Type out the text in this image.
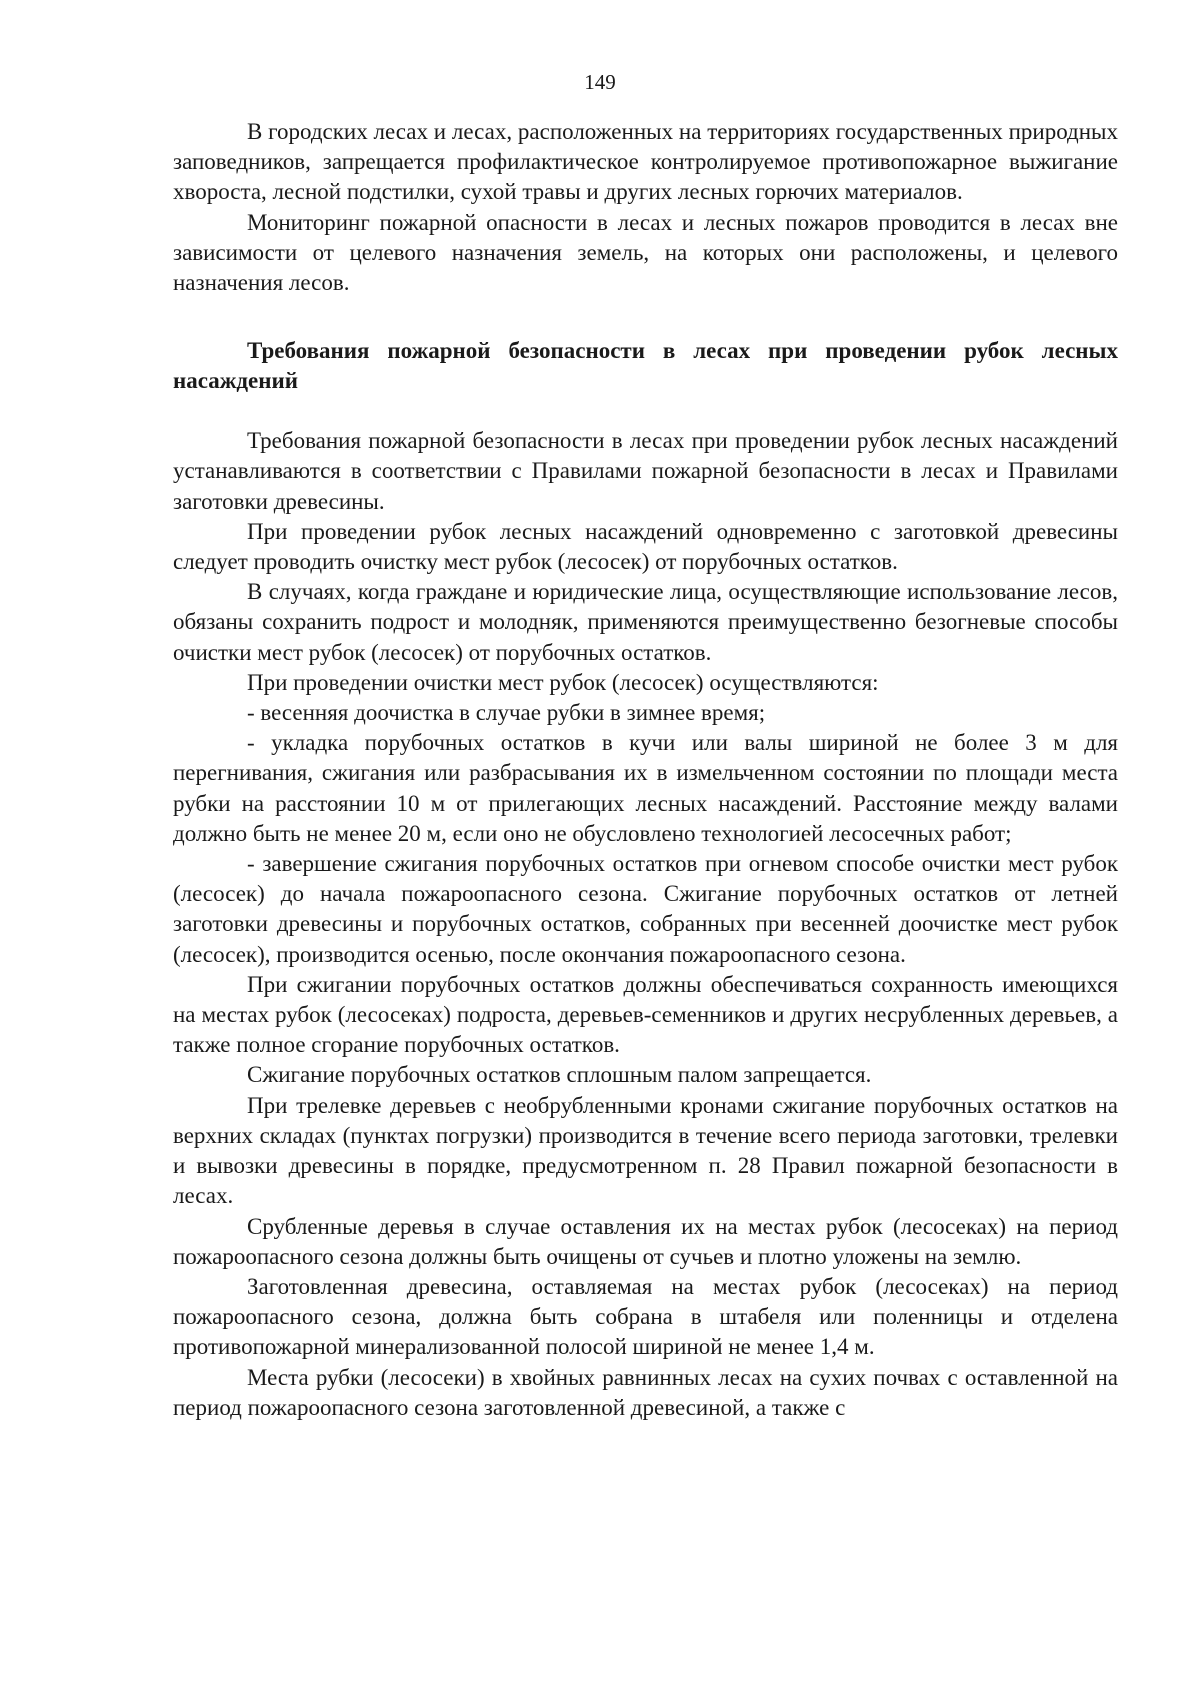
149

В городских лесах и лесах, расположенных на территориях государственных природных заповедников, запрещается профилактическое контролируемое противопожарное выжигание хвороста, лесной подстилки, сухой травы и других лесных горючих материалов.

Мониторинг пожарной опасности в лесах и лесных пожаров проводится в лесах вне зависимости от целевого назначения земель, на которых они расположены, и целевого назначения лесов.

Требования пожарной безопасности в лесах при проведении рубок лесных насаждений

Требования пожарной безопасности в лесах при проведении рубок лесных насаждений устанавливаются в соответствии с Правилами пожарной безопасности в лесах и Правилами заготовки древесины.

При проведении рубок лесных насаждений одновременно с заготовкой древесины следует проводить очистку мест рубок (лесосек) от порубочных остатков.

В случаях, когда граждане и юридические лица, осуществляющие использование лесов, обязаны сохранить подрост и молодняк, применяются преимущественно безогневые способы очистки мест рубок (лесосек) от порубочных остатков.

При проведении очистки мест рубок (лесосек) осуществляются:

- весенняя доочистка в случае рубки в зимнее время;

- укладка порубочных остатков в кучи или валы шириной не более 3 м для перегнивания, сжигания или разбрасывания их в измельченном состоянии по площади места рубки на расстоянии 10 м от прилегающих лесных насаждений. Расстояние между валами должно быть не менее 20 м, если оно не обусловлено технологией лесосечных работ;

- завершение сжигания порубочных остатков при огневом способе очистки мест рубок (лесосек) до начала пожароопасного сезона. Сжигание порубочных остатков от летней заготовки древесины и порубочных остатков, собранных при весенней доочистке мест рубок (лесосек), производится осенью, после окончания пожароопасного сезона.

При сжигании порубочных остатков должны обеспечиваться сохранность имеющихся на местах рубок (лесосеках) подроста, деревьев-семенников и других несрубленных деревьев, а также полное сгорание порубочных остатков.

Сжигание порубочных остатков сплошным палом запрещается.

При трелевке деревьев с необрубленными кронами сжигание порубочных остатков на верхних складах (пунктах погрузки) производится в течение всего периода заготовки, трелевки и вывозки древесины в порядке, предусмотренном п. 28 Правил пожарной безопасности в лесах.

Срубленные деревья в случае оставления их на местах рубок (лесосеках) на период пожароопасного сезона должны быть очищены от сучьев и плотно уложены на землю.

Заготовленная древесина, оставляемая на местах рубок (лесосеках) на период пожароопасного сезона, должна быть собрана в штабеля или поленницы и отделена противопожарной минерализованной полосой шириной не менее 1,4 м.

Места рубки (лесосеки) в хвойных равнинных лесах на сухих почвах с оставленной на период пожароопасного сезона заготовленной древесиной, а также с
